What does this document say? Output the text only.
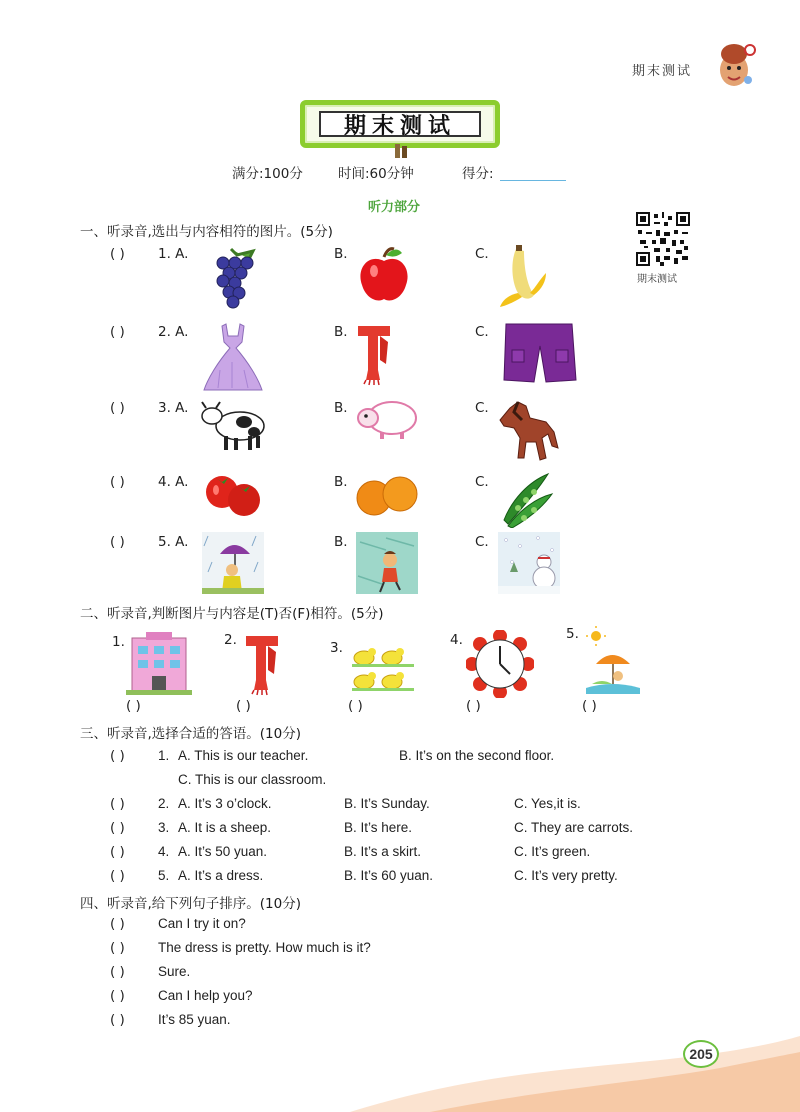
期末测试
期末测试
满分:100分	时间:60分钟	得分:
听力部分
期末测试
一、听录音,选出与内容相符的图片。(5分)
( ) 1. A.	B.	C.
( ) 2. A.	B.	C.
( ) 3. A.	B.	C.
( ) 4. A.	B.	C.
( ) 5. A.	B.	C.
二、听录音,判断图片与内容是(T)否(F)相符。(5分)
1.
( )
2.
( )
3.
( )
4.
( )
5.
( )
三、听录音,选择合适的答语。(10分)
( ) 1. A. This is our teacher.	B. It’s on the second floor.
C. This is our classroom.
( ) 2. A. It’s 3 o’clock.	B. It’s Sunday.	C. Yes,it is.
( ) 3. A. It is a sheep.	B. It’s here.	C. They are carrots.
( ) 4. A. It’s 50 yuan.	B. It’s a skirt.	C. It’s green.
( ) 5. A. It’s a dress.	B. It’s 60 yuan.	C. It’s very pretty.
四、听录音,给下列句子排序。(10分)
( ) Can I try it on?
( ) The dress is pretty. How much is it?
( ) Sure.
( ) Can I help you?
( ) It’s 85 yuan.
205
